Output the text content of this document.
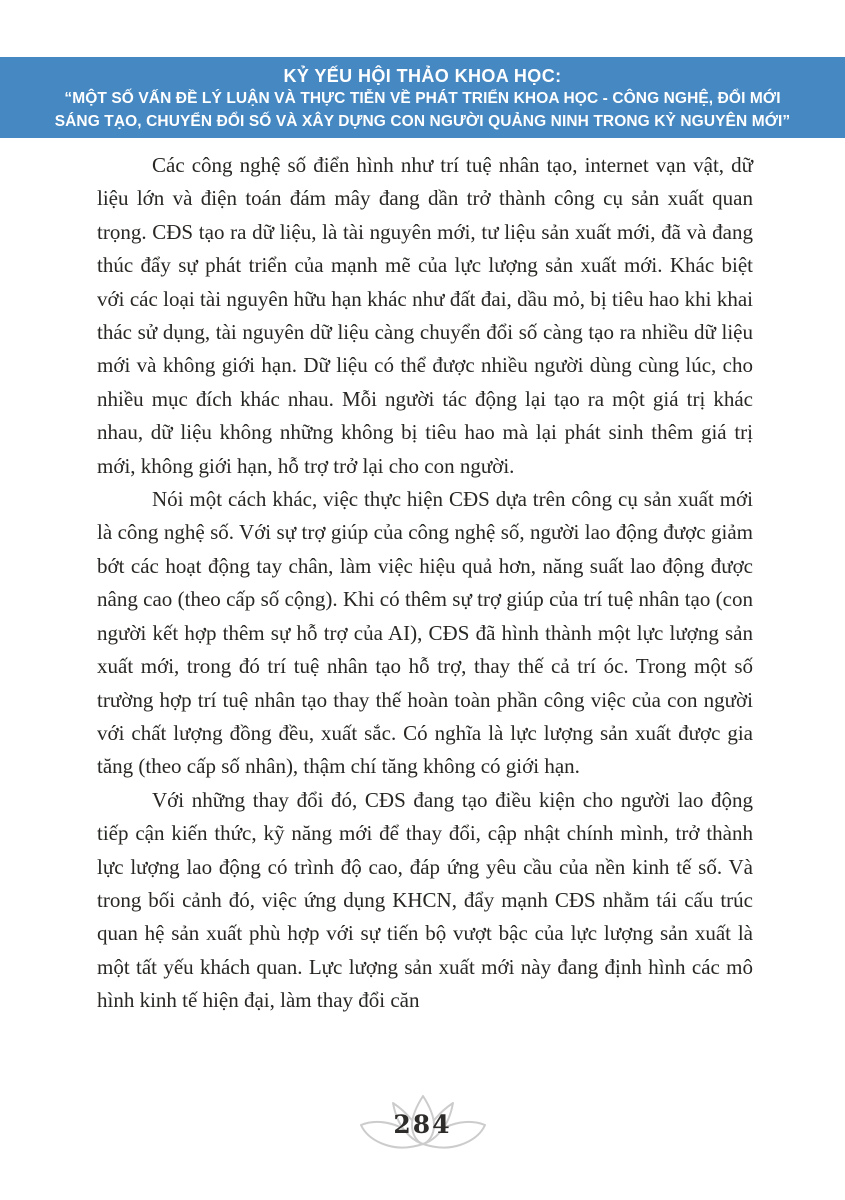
KỶ YẾU HỘI THẢO KHOA HỌC:
“MỘT SỐ VẤN ĐỀ LÝ LUẬN VÀ THỰC TIỄN VỀ PHÁT TRIỂN KHOA HỌC - CÔNG NGHỆ, ĐỔI MỚI
SÁNG TẠO, CHUYỂN ĐỔI SỐ VÀ XÂY DỰNG CON NGƯỜI QUẢNG NINH TRONG KỶ NGUYÊN MỚI”

Các công nghệ số điển hình như trí tuệ nhân tạo, internet vạn vật, dữ liệu lớn và điện toán đám mây đang dần trở thành công cụ sản xuất quan trọng. CĐS tạo ra dữ liệu, là tài nguyên mới, tư liệu sản xuất mới, đã và đang thúc đẩy sự phát triển của mạnh mẽ của lực lượng sản xuất mới. Khác biệt với các loại tài nguyên hữu hạn khác như đất đai, dầu mỏ, bị tiêu hao khi khai thác sử dụng, tài nguyên dữ liệu càng chuyển đổi số càng tạo ra nhiều dữ liệu mới và không giới hạn. Dữ liệu có thể được nhiều người dùng cùng lúc, cho nhiều mục đích khác nhau. Mỗi người tác động lại tạo ra một giá trị khác nhau, dữ liệu không những không bị tiêu hao mà lại phát sinh thêm giá trị mới, không giới hạn, hỗ trợ trở lại cho con người.

Nói một cách khác, việc thực hiện CĐS dựa trên công cụ sản xuất mới là công nghệ số. Với sự trợ giúp của công nghệ số, người lao động được giảm bớt các hoạt động tay chân, làm việc hiệu quả hơn, năng suất lao động được nâng cao (theo cấp số cộng). Khi có thêm sự trợ giúp của trí tuệ nhân tạo (con người kết hợp thêm sự hỗ trợ của AI), CĐS đã hình thành một lực lượng sản xuất mới, trong đó trí tuệ nhân tạo hỗ trợ, thay thế cả trí óc. Trong một số trường hợp trí tuệ nhân tạo thay thế hoàn toàn phần công việc của con người với chất lượng đồng đều, xuất sắc. Có nghĩa là lực lượng sản xuất được gia tăng (theo cấp số nhân), thậm chí tăng không có giới hạn.

Với những thay đổi đó, CĐS đang tạo điều kiện cho người lao động tiếp cận kiến thức, kỹ năng mới để thay đổi, cập nhật chính mình, trở thành lực lượng lao động có trình độ cao, đáp ứng yêu cầu của nền kinh tế số. Và trong bối cảnh đó, việc ứng dụng KHCN, đẩy mạnh CĐS nhằm tái cấu trúc quan hệ sản xuất phù hợp với sự tiến bộ vượt bậc của lực lượng sản xuất là một tất yếu khách quan. Lực lượng sản xuất mới này đang định hình các mô hình kinh tế hiện đại, làm thay đổi căn

284
